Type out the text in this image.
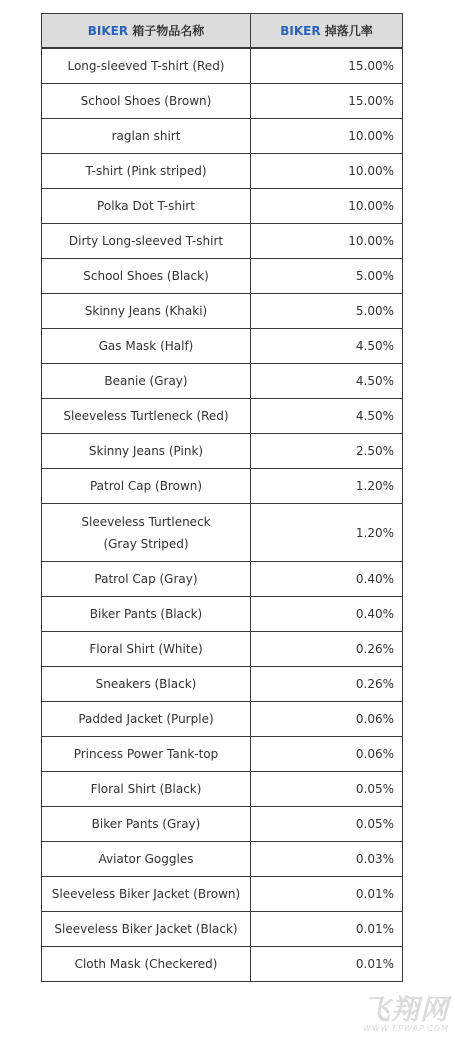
BIKER 箱子物品名称	BIKER 掉落几率
Long-sleeved T-shirt (Red)	15.00%
School Shoes (Brown)	15.00%
raglan shirt	10.00%
T-shirt (Pink striped)	10.00%
Polka Dot T-shirt	10.00%
Dirty Long-sleeved T-shirt	10.00%
School Shoes (Black)	5.00%
Skinny Jeans (Khaki)	5.00%
Gas Mask (Half)	4.50%
Beanie (Gray)	4.50%
Sleeveless Turtleneck (Red)	4.50%
Skinny Jeans (Pink)	2.50%
Patrol Cap (Brown)	1.20%

Sleeveless Turtleneck
(Gray Striped)	1.20%
Patrol Cap (Gray)	0.40%
Biker Pants (Black)	0.40%
Floral Shirt (White)	0.26%
Sneakers (Black)	0.26%
Padded Jacket (Purple)	0.06%
Princess Power Tank-top	0.06%
Floral Shirt (Black)	0.05%
Biker Pants (Gray)	0.05%
Aviator Goggles	0.03%
Sleeveless Biker Jacket (Brown)	0.01%
Sleeveless Biker Jacket (Black)	0.01%
Cloth Mask (Checkered)	0.01%
飞翔网
WWW.FPWAP.COM
